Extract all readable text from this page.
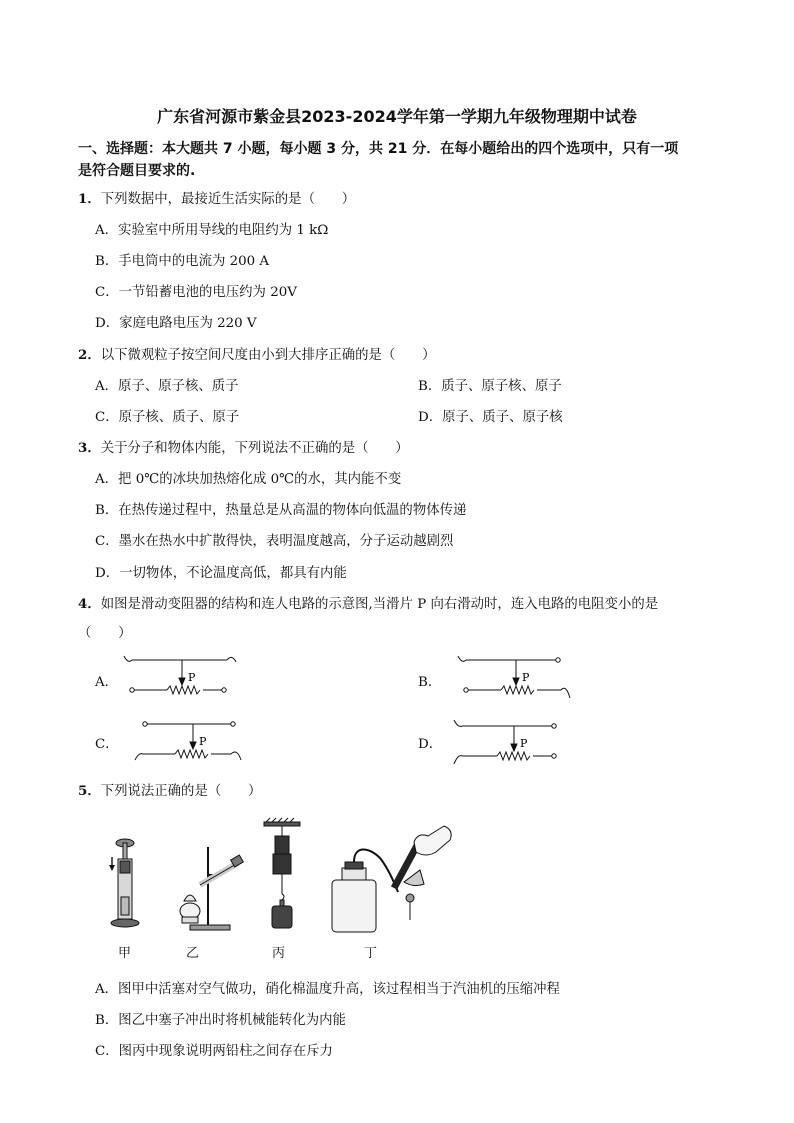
广东省河源市紫金县2023-2024学年第一学期九年级物理期中试卷
一、选择题：本大题共 7 小题，每小题 3 分，共 21 分．在每小题给出的四个选项中，只有一项
是符合题目要求的.
1．下列数据中，最接近生活实际的是（　　）
A．实验室中所用导线的电阻约为 1 kΩ
B．手电筒中的电流为 200 A
C．一节铅蓄电池的电压约为 20V
D．家庭电路电压为 220 V
2．以下微观粒子按空间尺度由小到大排序正确的是（　　）
A．原子、原子核、质子	B．质子、原子核、原子
C．原子核、质子、原子	D．原子、质子、原子核
3．关于分子和物体内能，下列说法不正确的是（　　）
A．把 0℃的冰块加热熔化成 0℃的水，其内能不变
B．在热传递过程中，热量总是从高温的物体向低温的物体传递
C．墨水在热水中扩散得快，表明温度越高，分子运动越剧烈
D．一切物体，不论温度高低，都具有内能
4．如图是滑动变阻器的结构和连人电路的示意图,当滑片 P 向右滑动时，连入电路的电阻变小的是
（　　）
A．	B．
C．	D．
P	P
P	P
5．下列说法正确的是（　　）
甲	乙	丙	丁
A．图甲中活塞对空气做功，硝化棉温度升高，该过程相当于汽油机的压缩冲程
B．图乙中塞子冲出时将机械能转化为内能
C．图丙中现象说明两铅柱之间存在斥力
